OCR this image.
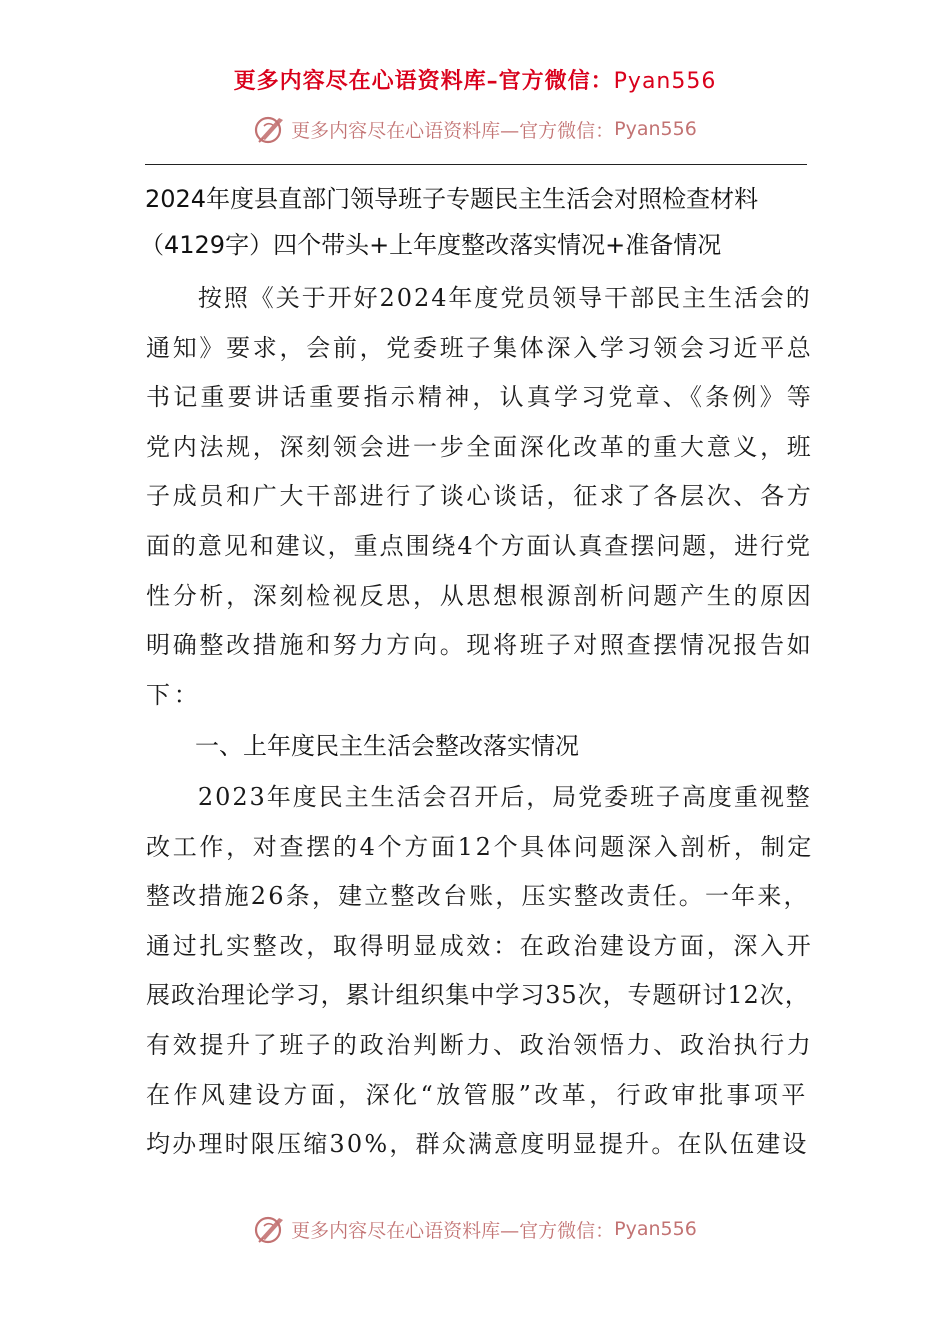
更多内容尽在心语资料库–官方微信：Pyan556
更多内容尽在心语资料库—官方微信： Pyan556
2024年度县直部门领导班子专题民主生活会对照检查材料
（4129字）四个带头+上年度整改落实情况+准备情况
　　按照《关于开好2024年度党员领导干部民主生活会的
通知》要求，会前，党委班子集体深入学习领会习近平总
书记重要讲话重要指示精神，认真学习党章、《条例》等
党内法规，深刻领会进一步全面深化改革的重大意义，班
子成员和广大干部进行了谈心谈话，征求了各层次、各方
面的意见和建议，重点围绕4个方面认真查摆问题，进行党
性分析，深刻检视反思，从思想根源剖析问题产生的原因
明确整改措施和努力方向。现将班子对照查摆情况报告如
下：
一、上年度民主生活会整改落实情况
　　2023年度民主生活会召开后，局党委班子高度重视整
改工作，对查摆的4个方面12个具体问题深入剖析，制定
整改措施26条，建立整改台账，压实整改责任。一年来，
通过扎实整改，取得明显成效：在政治建设方面，深入开
展政治理论学习，累计组织集中学习35次，专题研讨12次，
有效提升了班子的政治判断力、政治领悟力、政治执行力
在作风建设方面，深化“放管服”改革，行政审批事项平
均办理时限压缩30%，群众满意度明显提升。在队伍建设
更多内容尽在心语资料库—官方微信： Pyan556
